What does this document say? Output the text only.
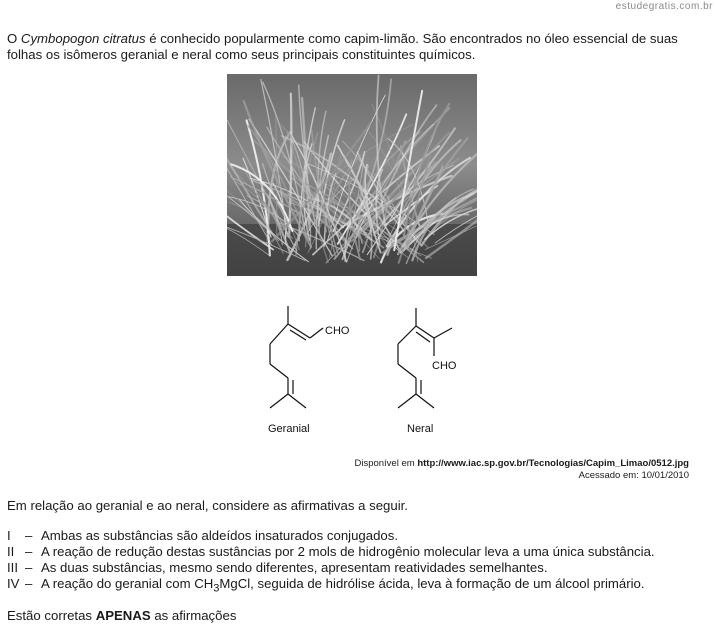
estudegratis.com.br
O Cymbopogon citratus é conhecido popularmente como capim-limão. São encontrados no óleo essencial de suas folhas os isômeros geranial e neral como seus principais constituintes químicos.
CHO
Geranial
CHO
Neral
Disponível em http://www.iac.sp.gov.br/Tecnologias/Capim_Limao/0512.jpg
Acessado em: 10/01/2010
Em relação ao geranial e ao neral, considere as afirmativas a seguir.
I	– Ambas as substâncias são aldeídos insaturados conjugados.
II – A reação de redução destas sustâncias por 2 mols de hidrogênio molecular leva a uma única substância.
III – As duas substâncias, mesmo sendo diferentes, apresentam reatividades semelhantes.
IV – A reação do geranial com $CH_3MgCl$, seguida de hidrólise ácida, leva à formação de um álcool primário.
Estão corretas APENAS as afirmações
